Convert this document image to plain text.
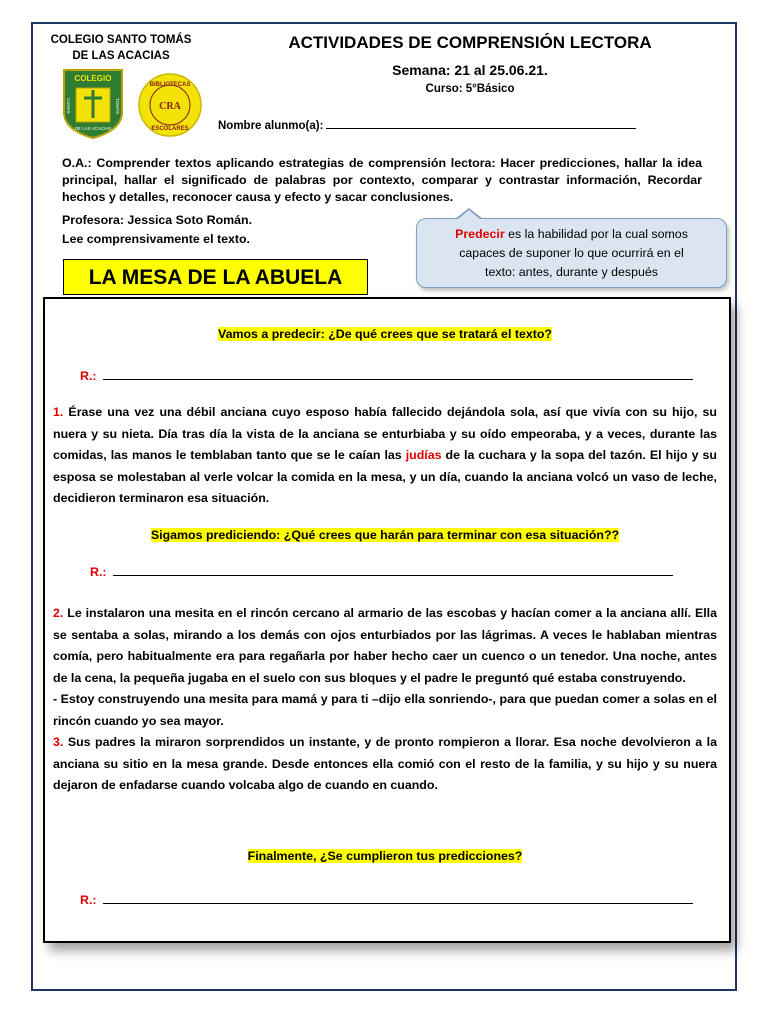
COLEGIO SANTO TOMÁS
DE LAS ACACIAS
COLEGIO
SANTO	TOMÁS
DE LAS ACACIAS
BIBLIOTECAS
CRA
ESCOLARES
ACTIVIDADES DE COMPRENSIÓN LECTORA
Semana: 21 al 25.06.21.
Curso: 5°Básico
Nombre alunmo(a):
O.A.: Comprender textos aplicando estrategias de comprensión lectora: Hacer predicciones, hallar la idea principal, hallar el significado de palabras por contexto, comparar y contrastar información, Recordar hechos y detalles, reconocer causa y efecto y sacar conclusiones.
Profesora: Jessica Soto Román.
Lee comprensivamente el texto.	Predecir es la habilidad por la cual somos
capaces de suponer lo que ocurrirá en el
texto: antes, durante y después
LA MESA DE LA ABUELA
Vamos a predecir: ¿De qué crees que se tratará el texto?
R.:
1. Érase una vez una débil anciana cuyo esposo había fallecido dejándola sola, así que vivía con su hijo, su nuera y su nieta. Día tras día la vista de la anciana se enturbiaba y su oído empeoraba, y a veces, durante las comidas, las manos le temblaban tanto que se le caían las judías de la cuchara y la sopa del tazón. El hijo y su esposa se molestaban al verle volcar la comida en la mesa, y un día, cuando la anciana volcó un vaso de leche, decidieron terminaron esa situación.
Sigamos prediciendo: ¿Qué crees que harán para terminar con esa situación??
R.:
2. Le instalaron una mesita en el rincón cercano al armario de las escobas y hacían comer a la anciana allí. Ella se sentaba a solas, mirando a los demás con ojos enturbiados por las lágrimas. A veces le hablaban mientras comía, pero habitualmente era para regañarla por haber hecho caer un cuenco o un tenedor. Una noche, antes de la cena, la pequeña jugaba en el suelo con sus bloques y el padre le preguntó qué estaba construyendo.
- Estoy construyendo una mesita para mamá y para ti –dijo ella sonriendo-, para que puedan comer a solas en el rincón cuando yo sea mayor.
3. Sus padres la miraron sorprendidos un instante, y de pronto rompieron a llorar. Esa noche devolvieron a la anciana su sitio en la mesa grande. Desde entonces ella comió con el resto de la familia, y su hijo y su nuera dejaron de enfadarse cuando volcaba algo de cuando en cuando.
Finalmente, ¿Se cumplieron tus predicciones?
R.:
